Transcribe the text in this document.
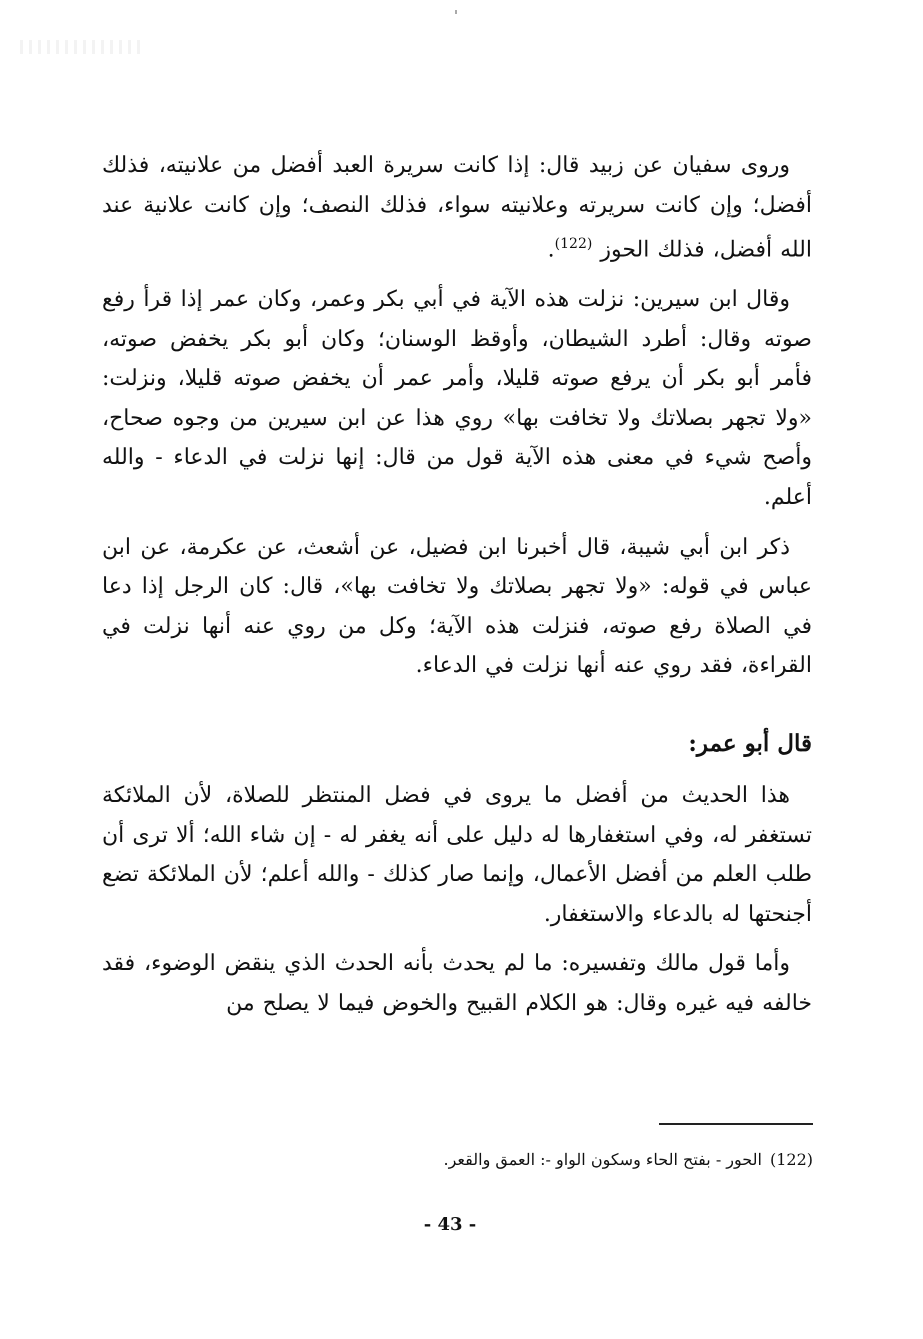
وروى سفيان عن زبيد قال: إذا كانت سريرة العبد أفضل من علانيته، فذلك أفضل؛ وإن كانت سريرته وعلانيته سواء، فذلك النصف؛ وإن كانت علانية عند الله أفضل، فذلك الحوز $^{(122)}$.

وقال ابن سيرين: نزلت هذه الآية في أبي بكر وعمر، وكان عمر إذا قرأ رفع صوته وقال: أطرد الشيطان، وأوقظ الوسنان؛ وكان أبو بكر يخفض صوته، فأمر أبو بكر أن يرفع صوته قليلا، وأمر عمر أن يخفض صوته قليلا، ونزلت: «ولا تجهر بصلاتك ولا تخافت بها» روي هذا عن ابن سيرين من وجوه صحاح، وأصح شيء في معنى هذه الآية قول من قال: إنها نزلت في الدعاء - والله أعلم.

ذكر ابن أبي شيبة، قال أخبرنا ابن فضيل، عن أشعث، عن عكرمة، عن ابن عباس في قوله: «ولا تجهر بصلاتك ولا تخافت بها»، قال: كان الرجل إذا دعا في الصلاة رفع صوته، فنزلت هذه الآية؛ وكل من روي عنه أنها نزلت في القراءة، فقد روي عنه أنها نزلت في الدعاء.

قال أبو عمر:

هذا الحديث من أفضل ما يروى في فضل المنتظر للصلاة، لأن الملائكة تستغفر له، وفي استغفارها له دليل على أنه يغفر له - إن شاء الله؛ ألا ترى أن طلب العلم من أفضل الأعمال، وإنما صار كذلك - والله أعلم؛ لأن الملائكة تضع أجنحتها له بالدعاء والاستغفار.

وأما قول مالك وتفسيره: ما لم يحدث بأنه الحدث الذي ينقض الوضوء، فقد خالفه فيه غيره وقال: هو الكلام القبيح والخوض فيما لا يصلح من

(122)الحور - بفتح الحاء وسكون الواو -: العمق والقعر.
- 43 -
